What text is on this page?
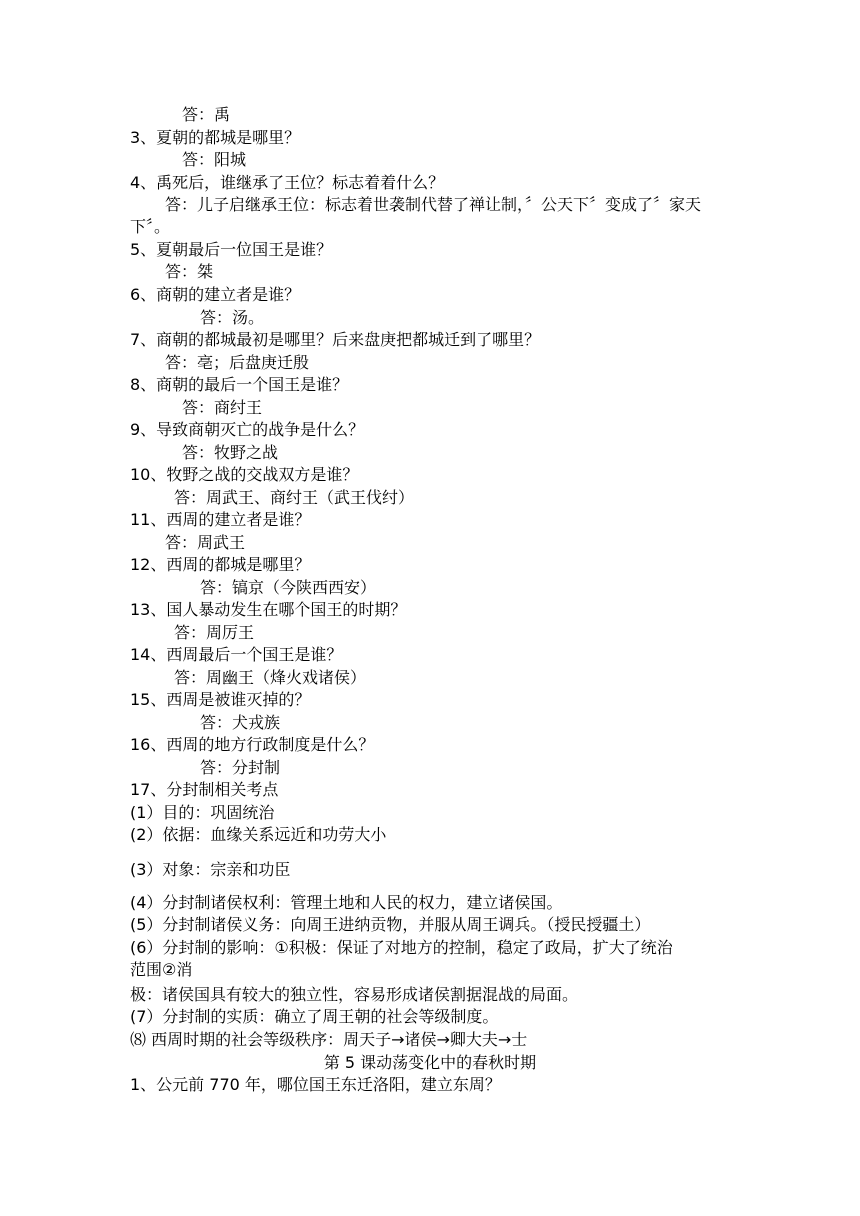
答：禹
3、夏朝的都城是哪里？
答：阳城
4、禹死后，谁继承了王位？标志着着什么？
答：儿子启继承王位：标志着世袭制代替了禅让制，〞公天下〞变成了〞家天
下〞。
5、夏朝最后一位国王是谁？
答：桀
6、商朝的建立者是谁？
答：汤。
7、商朝的都城最初是哪里？后来盘庚把都城迁到了哪里？
答：亳；后盘庚迁殷
8、商朝的最后一个国王是谁？
答：商纣王
9、导致商朝灭亡的战争是什么？
答：牧野之战
10、牧野之战的交战双方是谁？
答：周武王、商纣王（武王伐纣）
11、西周的建立者是谁？
答：周武王
12、西周的都城是哪里？
答：镐京（今陕西西安）
13、国人暴动发生在哪个国王的时期？
答：周厉王
14、西周最后一个国王是谁？
答：周幽王（烽火戏诸侯）
15、西周是被谁灭掉的？
答：犬戎族
16、西周的地方行政制度是什么？
答：分封制
17、分封制相关考点
(1）目的：巩固统治
(2）依据：血缘关系远近和功劳大小
(3）对象：宗亲和功臣
(4）分封制诸侯权利：管理土地和人民的权力，建立诸侯国。
(5）分封制诸侯义务：向周王进纳贡物，并服从周王调兵。（授民授疆土）
(6）分封制的影响：①积极：保证了对地方的控制，稳定了政局，扩大了统治
范围②消
极：诸侯国具有较大的独立性，容易形成诸侯割据混战的局面。
(7）分封制的实质：确立了周王朝的社会等级制度。
⑻ 西周时期的社会等级秩序：周天子→诸侯→卿大夫→士
第 5 课动荡变化中的春秋时期
1、公元前 770 年，哪位国王东迁洛阳，建立东周？
